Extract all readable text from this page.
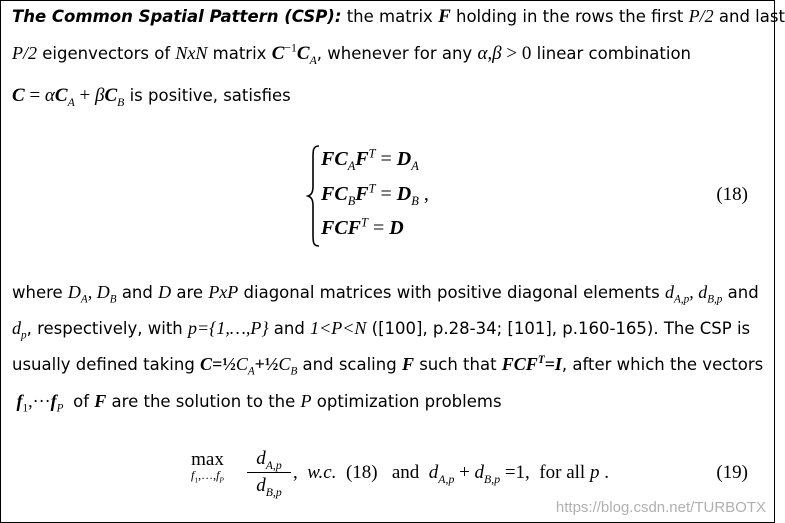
The Common Spatial Pattern (CSP): the matrix F holding in the rows the first P/2 and last
P/2 eigenvectors of NxN matrix $C^{-1}C_A$, whenever for any α,β > 0 linear combination
$C = \alpha C_A + \beta C_B$ is positive, satisfies
$FC_AF^T = D_A$
$FC_BF^T = D_B$ ,
$FCF^T = D$
(18)
where $D_A$, $D_B$ and D are PxP diagonal matrices with positive diagonal elements $d_{A,p}$, $d_{B,p}$ and
$d_p$, respectively, with p={1,…,P} and 1<P<N ([100], p.28-34; [101], p.160-165). The CSP is
usually defined taking $C=\frac{1}{2}C_A+\frac{1}{2}C_B$ and scaling F such that $FCF^T=I$, after which the vectors
$f_1,\cdot\cdot\cdot f_P$  of F are the solution to the P optimization problems
max
$f_1,\dots,f_P$
$d_{A,p}$
$d_{B,p}$
,  w.c. (18) and $d_{A,p} + d_{B,p} =1$,  for all p .	(19)
https://blog.csdn.net/TURBOTX
